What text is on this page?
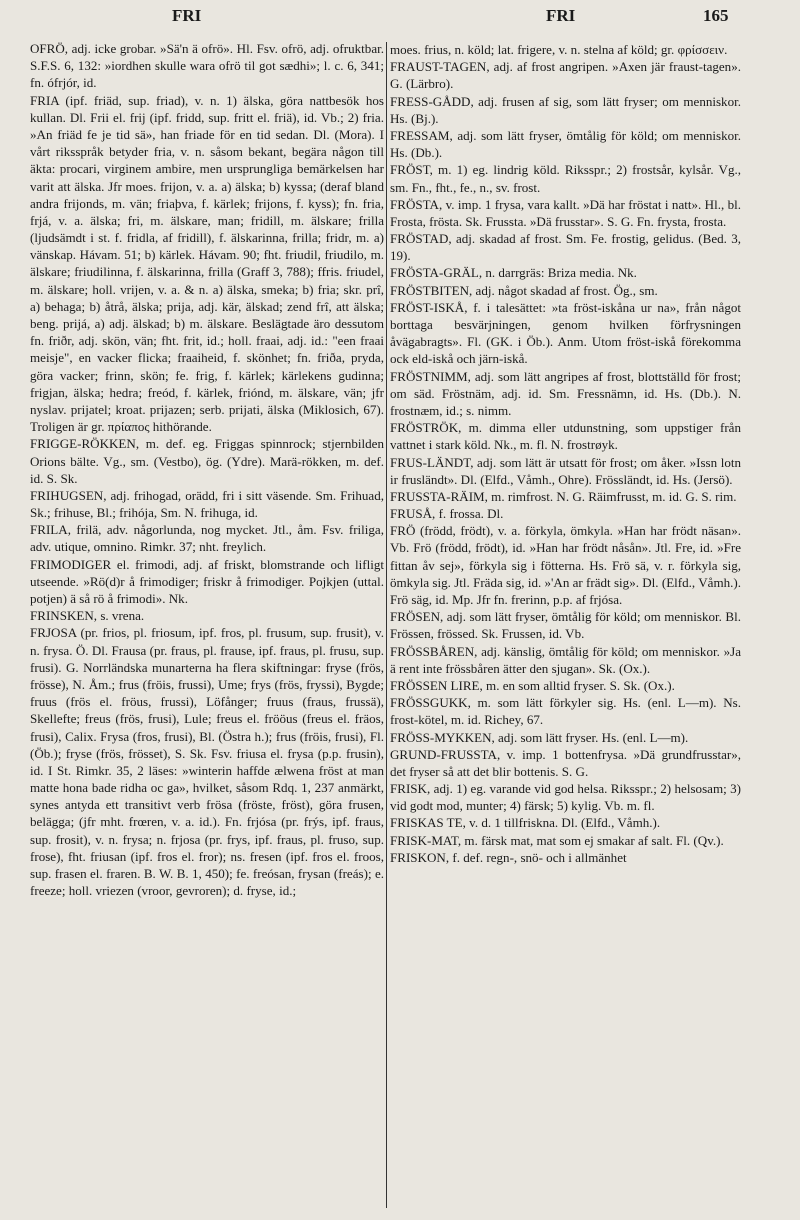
FRI	FRI	165

OFRÖ, adj. icke grobar. »Sä'n ä ofrö». Hl. Fsv. ofrö, adj. ofruktbar. S.F.S. 6, 132: »iordhen skulle wara ofrö til got sædhi»; l. c. 6, 341; fn. ófrjór, id.

FRIA (ipf. friäd, sup. friad), v. n. 1) älska, göra nattbesök hos kullan. Dl. Frii el. frij (ipf. fridd, sup. fritt el. friä), id. Vb.; 2) fria. »An friäd fe je tid sä», han friade för en tid sedan. Dl. (Mora). I vårt riksspråk betyder fria, v. n. såsom bekant, begära någon till äkta: procari, virginem ambire, men ursprungliga bemärkelsen har varit att älska. Jfr moes. frijon, v. a. a) älska; b) kyssa; (deraf bland andra frijonds, m. vän; friaþva, f. kärlek; frijons, f. kyss); fn. fria, frjá, v. a. älska; fri, m. älskare, man; fridill, m. älskare; frilla (ljudsämdt i st. f. fridla, af fridill), f. älskarinna, frilla; fridr, m. a) vänskap. Hávam. 51; b) kärlek. Hávam. 90; fht. friudil, friudilo, m. älskare; friudilinna, f. älskarinna, frilla (Graff 3, 788); ffris. friudel, m. älskare; holl. vrijen, v. a. & n. a) älska, smeka; b) fria; skr. prî, a) behaga; b) åtrå, älska; prija, adj. kär, älskad; zend frî, att älska; beng. prijá, a) adj. älskad; b) m. älskare. Beslägtade äro dessutom fn. friðr, adj. skön, vän; fht. frit, id.; holl. fraai, adj. id.: "een fraai meisje", en vacker flicka; fraaiheid, f. skönhet; fn. friða, pryda, göra vacker; frinn, skön; fe. frig, f. kärlek; kärlekens gudinna; frigjan, älska; hedra; freód, f. kärlek, friónd, m. älskare, vän; jfr nyslav. prijatel; kroat. prijazen; serb. prijati, älska (Miklosich, 67). Troligen är gr. πρίαπος hithörande.

FRIGGE-RÖKKEN, m. def. eg. Friggas spinnrock; stjernbilden Orions bälte. Vg., sm. (Vestbo), ög. (Ydre). Marä-rökken, m. def. id. S. Sk.

FRIHUGSEN, adj. frihogad, orädd, fri i sitt väsende. Sm. Frihuad, Sk.; frihuse, Bl.; frihója, Sm. N. frihuga, id.

FRILA, frilä, adv. någorlunda, nog mycket. Jtl., åm. Fsv. friliga, adv. utique, omnino. Rimkr. 37; nht. freylich.

FRIMODIGER el. frimodi, adj. af friskt, blomstrande och lifligt utseende. »Rö(d)r å frimodiger; friskr å frimodiger. Pojkjen (uttal. potjen) ä så rö å frimodi». Nk.

FRINSKEN, s. vrena.

FRJOSA (pr. frios, pl. friosum, ipf. fros, pl. frusum, sup. frusit), v. n. frysa. Ö. Dl. Frausa (pr. fraus, pl. frause, ipf. fraus, pl. frusu, sup. frusi). G. Norrländska munarterna ha flera skiftningar: fryse (frös, frösse), N. Åm.; frus (fröis, frussi), Ume; frys (frös, fryssi), Bygde; fruus (frös el. fröus, frussi), Löfånger; fruus (fraus, frussä), Skellefte; freus (frös, frusi), Lule; freus el. frööus (freus el. fräos, frusi), Calix. Frysa (fros, frusi), Bl. (Östra h.); frus (fröis, frusi), Fl. (Öb.); fryse (frös, frösset), S. Sk. Fsv. friusa el. frysa (p.p. frusin), id. I St. Rimkr. 35, 2 läses: »winterin haffde ælwena fröst at man matte hona bade ridha oc ga», hvilket, såsom Rdq. 1, 237 anmärkt, synes antyda ett transitivt verb frösa (fröste, fröst), göra frusen, belägga; (jfr mht. frœren, v. a. id.). Fn. frjósa (pr. frýs, ipf. fraus, sup. frosit), v. n. frysa; n. frjosa (pr. frys, ipf. fraus, pl. fruso, sup. frose), fht. friusan (ipf. fros el. fror); ns. fresen (ipf. fros el. froos, sup. frasen el. fraren. B. W. B. 1, 450); fe. freósan, frysan (freás); e. freeze; holl. vriezen (vroor, gevroren); d. fryse, id.;

moes. frius, n. köld; lat. frigere, v. n. stelna af köld; gr. φρίσσειν.

FRAUST-TAGEN, adj. af frost angripen. »Axen jär fraust-tagen». G. (Lärbro).

FRESS-GÅDD, adj. frusen af sig, som lätt fryser; om menniskor. Hs. (Bj.).

FRESSAM, adj. som lätt fryser, ömtålig för köld; om menniskor. Hs. (Db.).

FRÖST, m. 1) eg. lindrig köld. Riksspr.; 2) frostsår, kylsår. Vg., sm. Fn., fht., fe., n., sv. frost.

FRÖSTA, v. imp. 1 frysa, vara kallt. »Dä har fröstat i natt». Hl., bl. Frosta, frösta. Sk. Frussta. »Dä frusstar». S. G. Fn. frysta, frosta.

FRÖSTAD, adj. skadad af frost. Sm. Fe. frostig, gelidus. (Bed. 3, 19).

FRÖSTA-GRÄL, n. darrgräs: Briza media. Nk.

FRÖSTBITEN, adj. något skadad af frost. Ög., sm.

FRÖST-ISKÅ, f. i talesättet: »ta fröst-iskåna ur na», från något borttaga besvärjningen, genom hvilken förfrysningen åvägabragts». Fl. (GK. i Öb.). Anm. Utom fröst-iskå förekomma ock eld-iskå och järn-iskå.

FRÖSTNIMM, adj. som lätt angripes af frost, blottställd för frost; om säd. Fröstnäm, adj. id. Sm. Fressnämn, id. Hs. (Db.). N. frostnæm, id.; s. nimm.

FRÖSTRÖK, m. dimma eller utdunstning, som uppstiger från vattnet i stark köld. Nk., m. fl. N. frostrøyk.

FRUS-LÄNDT, adj. som lätt är utsatt för frost; om åker. »Issn lotn ir frusländt». Dl. (Elfd., Våmh., Ohre). Frössländt, id. Hs. (Jersö).

FRUSSTA-RÄIM, m. rimfrost. N. G. Räimfrusst, m. id. G. S. rim.

FRUSÅ, f. frossa. Dl.

FRÖ (frödd, frödt), v. a. förkyla, ömkyla. »Han har frödt näsan». Vb. Frö (frödd, frödt), id. »Han har frödt nåsån». Jtl. Fre, id. »Fre fittan åv sej», förkyla sig i fötterna. Hs. Frö sä, v. r. förkyla sig, ömkyla sig. Jtl. Fräda sig, id. »'An ar frädt sig». Dl. (Elfd., Våmh.). Frö säg, id. Mp. Jfr fn. frerinn, p.p. af frjósa.

FRÖSEN, adj. som lätt fryser, ömtålig för köld; om menniskor. Bl. Frössen, frössed. Sk. Frussen, id. Vb.

FRÖSSBÅREN, adj. känslig, ömtålig för köld; om menniskor. »Ja ä rent inte frössbåren ätter den sjugan». Sk. (Ox.).

FRÖSSEN LIRE, m. en som alltid fryser. S. Sk. (Ox.).

FRÖSSGUKK, m. som lätt förkyler sig. Hs. (enl. L—m). Ns. frost-kötel, m. id. Richey, 67.

FRÖSS-MYKKEN, adj. som lätt fryser. Hs. (enl. L—m).

GRUND-FRUSSTA, v. imp. 1 bottenfrysa. »Dä grundfrusstar», det fryser så att det blir bottenis. S. G.

FRISK, adj. 1) eg. varande vid god helsa. Riksspr.; 2) helsosam; 3) vid godt mod, munter; 4) färsk; 5) kylig. Vb. m. fl.

FRISKAS TE, v. d. 1 tillfriskna. Dl. (Elfd., Våmh.).

FRISK-MAT, m. färsk mat, mat som ej smakar af salt. Fl. (Qv.).

FRISKON, f. def. regn-, snö- och i allmänhet
